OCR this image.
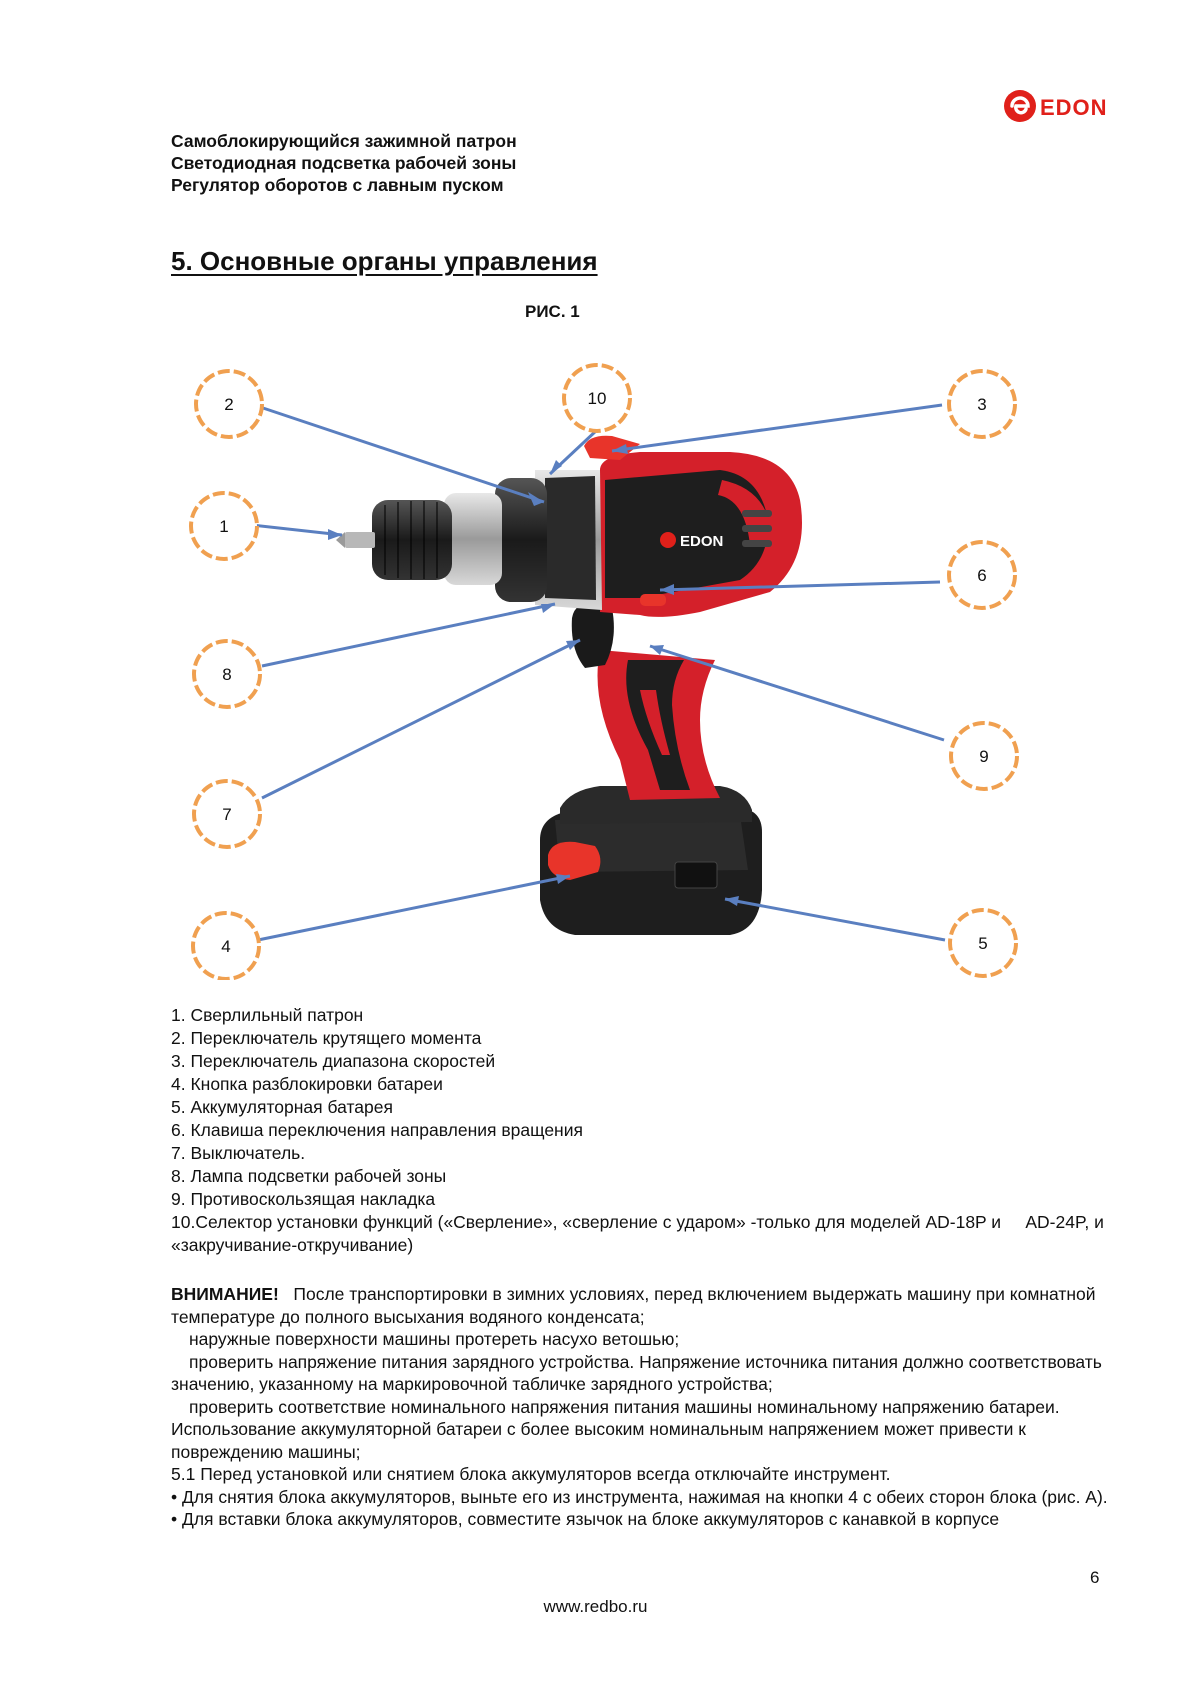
EDON
Самоблокирующийся зажимной патрон
Светодиодная подсветка рабочей зоны
Регулятор оборотов с лавным пуском
5. Основные органы управления
РИС. 1
EDON
2	10	3
1
6
8
9
7
4	5
1. Сверлильный патрон
2. Переключатель крутящего момента
3. Переключатель диапазона скоростей
4. Кнопка разблокировки батареи
5. Аккумуляторная батарея
6. Клавиша переключения направления вращения
7. Выключатель.
8. Лампа подсветки рабочей зоны
9. Противоскользящая накладка
10.Селектор установки функций («Сверление», «сверление с ударом» -только для моделей AD-18P и     AD-24P, и «закручивание-откручивание)

ВНИМАНИЕ! После транспортировки в зимних условиях, перед включением выдержать машину при комнатной температуре до полного высыхания водяного конденсата;

наружные поверхности машины протереть насухо ветошью;

проверить напряжение питания зарядного устройства. Напряжение источника питания должно соответствовать значению, указанному на маркировочной табличке зарядного устройства;

проверить соответствие номинального напряжения питания машины номинальному напряжению батареи. Использование аккумуляторной батареи с более высоким номинальным напряжением может привести к повреждению машины;

5.1 Перед установкой или снятием блока аккумуляторов всегда отключайте инструмент.

• Для снятия блока аккумуляторов, выньте его из инструмента, нажимая на кнопки 4 с обеих сторон блока (рис. А).

• Для вставки блока аккумуляторов, совместите язычок на блоке аккумуляторов с канавкой в корпусе

6
www.redbo.ru
